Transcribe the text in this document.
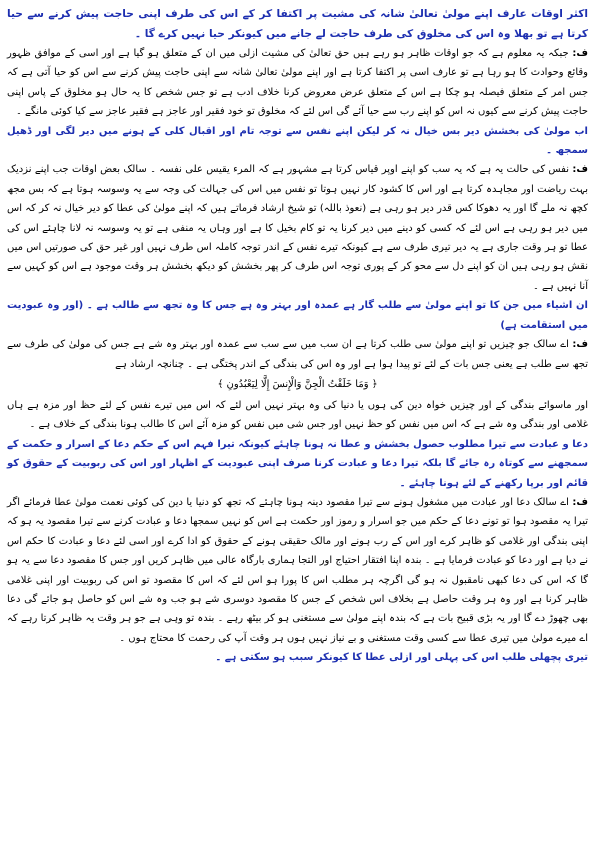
اکثر اوقات عارف اپنے مولیٰ تعالیٰ شانہ کی مشیت پر اکتفا کر کے اس کی طرف اپنی حاجت پیش کرنے سے حیا کرتا ہے تو بھلا وہ اس کی مخلوق کی طرف حاجت لے جانے میں کیونکر حیا نہیں کرے گا ۔

ف: جبکہ یہ معلوم ہے کہ جو اوقات ظاہر ہو رہے ہیں حق تعالیٰ کی مشیت ازلی میں ان کے متعلق ہو گیا ہے اور اسی کے موافق ظہور وقائع وحوادث کا ہو رہا ہے تو عارف اسی پر اکتفا کرتا ہے اور اپنے مولیٰ تعالیٰ شانہ سے اپنی حاجت پیش کرنے سے اس کو حیا آتی ہے کہ جس امر کے متعلق فیصلہ ہو چکا ہے اس کے متعلق عرض معروض کرنا خلاف ادب ہے تو جس شخص کا یہ حال ہو مخلوق کے پاس اپنی حاجت پیش کرنے سے کیوں نہ اس کو اپنے رب سے حیا آئے گی اس لئے کہ مخلوق تو خود فقیر اور عاجز ہے فقیر عاجز سے کیا کوئی مانگے ۔

اب مولیٰ کی بخشش دیر بس خیال نہ کر لیکن اپنے نفس سے توجہ تام اور اقبال کلی کے ہونے میں دیر لگی اور ڈھیل سمجھ ۔

ف: نفس کی حالت یہ ہے کہ یہ سب کو اپنے اوپر قیاس کرتا ہے مشہور ہے کہ المرء یقیس علی نفسہ ۔ سالک بعض اوقات جب اپنے نزدیک بہت ریاضت اور مجاہدہ کرتا ہے اور اس کا کشود کار نہیں ہوتا تو نفس میں اس کی جہالت کی وجہ سے یہ وسوسہ ہوتا ہے کہ بس مجھ کچھ نہ ملے گا اور یہ دھوکا کس قدر دیر ہو رہی ہے (نعوذ باللہ) تو شیخ ارشاد فرماتے ہیں کہ اپنے مولیٰ کی عطا کو دیر خیال نہ کر کہ اس میں دیر ہو رہی ہے اس لئے کہ کسی کو دینے میں دیر کرنا یہ تو کام بخیل کا ہے اور وہاں یہ منفی ہے تو یہ وسوسہ نہ لانا چاہئے اس کی عطا تو ہر وقت جاری ہے یہ دیر تیری طرف سے ہے کیونکہ تیرے نفس کے اندر توجہ کاملہ اس طرف نہیں اور غیر حق کی صورتیں اس میں نقش ہو رہی ہیں ان کو اپنے دل سے محو کر کے پوری توجہ اس طرف کر پھر بخشش کو دیکھ بخشش ہر وقت موجود ہے اس کو کہیں سے آنا نہیں ہے ۔

ان اشیاء میں جن کا تو اپنے مولیٰ سے طلب گار ہے عمدہ اور بہتر وہ ہے جس کا وہ تجھ سے طالب ہے ۔ (اور وہ عبودیت میں استقامت ہے)

ف: اے سالک جو چیزیں تو اپنے مولیٰ سی طلب کرتا ہے ان سب میں سے سب سے عمدہ اور بہتر وہ شے ہے جس کی مولیٰ کی طرف سے تجھ سے طلب ہے یعنی جس بات کے لئے تو پیدا ہوا ہے اور وہ اس کی بندگی کے اندر پختگی ہے ۔ چنانچہ ارشاد ہے

﴿ وَمَا خَلَقْتُ الْجِنَّ وَالْإِنسَ إِلَّا لِيَعْبُدُونِ ﴾

اور ماسوائے بندگی کے اور چیزیں خواہ دین کی ہوں یا دنیا کی وہ بہتر نہیں اس لئے کہ اس میں تیرے نفس کے لئے حظ اور مزہ ہے ہاں غلامی اور بندگی وہ شے ہے کہ اس میں نفس کو حظ نہیں اور جس شی میں نفس کو مزہ آئے اس کا طالب ہونا بندگی کے خلاف ہے ۔

دعا و عبادت سے تیرا مطلوب حصول بخشش و عطا نہ ہونا چاہئے کیونکہ تیرا فہم اس کے حکم دعا کے اسرار و حکمت کے سمجھنے سے کوتاہ رہ جائے گا بلکہ تیرا دعا و عبادت کرنا صرف اپنی عبودیت کے اظہار اور اس کی ربوبیت کے حقوق کو قائم اور برپا رکھنے کے لئے ہونا چاہئے ۔

ف: اے سالک دعا اور عبادت میں مشغول ہونے سے تیرا مقصود دینہ ہونا چاہئے کہ تجھ کو دنیا یا دین کی کوئی نعمت مولیٰ عطا فرمائے اگر تیرا یہ مقصود ہوا تو تونے دعا کے حکم میں جو اسرار و رموز اور حکمت ہے اس کو نہیں سمجھا دعا و عبادت کرنے سے تیرا مقصود یہ ہو کہ اپنی بندگی اور غلامی کو ظاہر کرے اور اس کے رب ہونے اور مالک حقیقی ہونے کے حقوق کو ادا کرے اور اسی لئے دعا و عبادت کا حکم اس نے دیا ہے اور دعا کو عبادت فرمایا ہے ۔ بندہ اپنا افتقار احتیاج اور التجا ہماری بارگاہ عالی میں ظاہر کریں اور جس کا مقصود دعا سے یہ ہو گا کہ اس کی دعا کبھی نامقبول نہ ہو گی اگرچہ ہر مطلب اس کا پورا ہو اس لئے کہ اس کا مقصود تو اس کی ربوبیت اور اپنی غلامی ظاہر کرنا ہے اور وہ ہر وقت حاصل ہے بخلاف اس شخص کے جس کا مقصود دوسری شے ہو جب وہ شے اس کو حاصل ہو جائے گی دعا بھی چھوڑ دے گا اور یہ بڑی قبیح بات ہے کہ بندہ اپنے مولیٰ سے مستغنی ہو کر بیٹھ رہے ۔ بندہ تو وہی ہے جو ہر وقت یہ ظاہر کرتا رہے کہ اے میرے مولیٰ میں تیری عطا سے کسی وقت مستغنی و بے نیاز نہیں ہوں ہر وقت آپ کی رحمت کا محتاج ہوں ۔

تیری پچھلی طلب اس کی پہلی اور ازلی عطا کا کیونکر سبب ہو سکتی ہے ۔
